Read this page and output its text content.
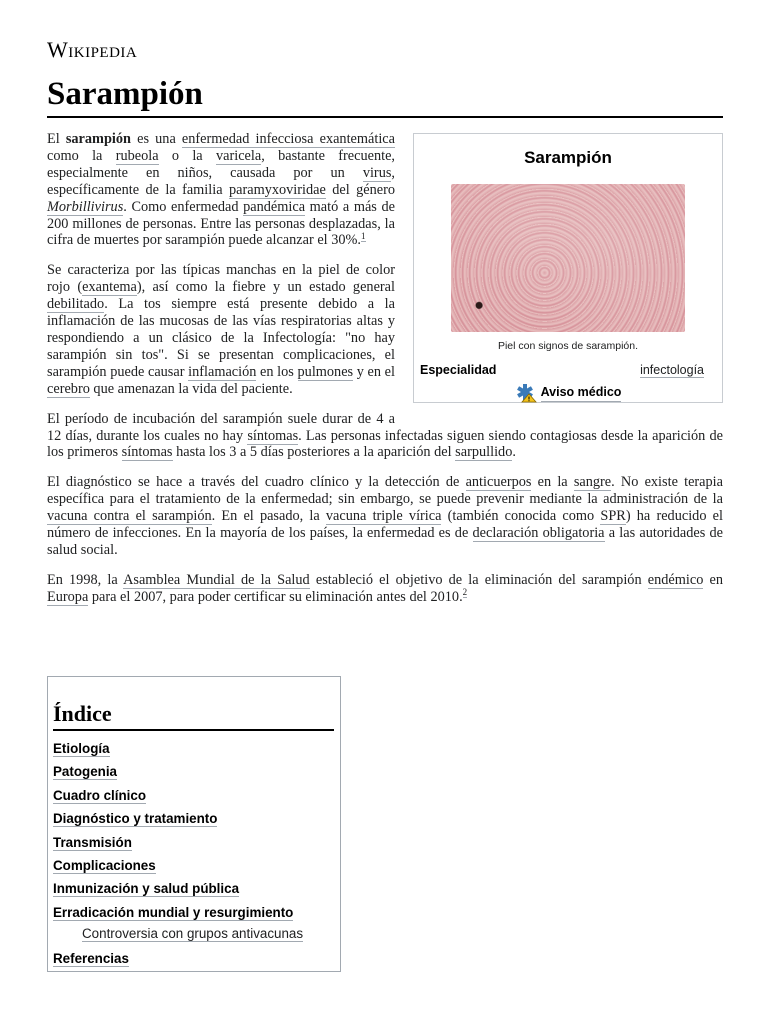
Wikipedia
Sarampión
Sarampión
Piel con signos de sarampión.
Especialidad	infectología
Aviso médico

El sarampión es una enfermedad infecciosa exantemática como la rubeola o la varicela, bastante frecuente, especialmente en niños, causada por un virus, específicamente de la familia paramyxoviridae del género Morbillivirus. Como enfermedad pandémica mató a más de 200 millones de personas. Entre las personas desplazadas, la cifra de muertes por sarampión puede alcanzar el 30%.$^1$

Se caracteriza por las típicas manchas en la piel de color rojo (exantema), así como la fiebre y un estado general debilitado. La tos siempre está presente debido a la inflamación de las mucosas de las vías respiratorias altas y respondiendo a un clásico de la Infectología: "no hay sarampión sin tos". Si se presentan complicaciones, el sarampión puede causar inflamación en los pulmones y en el cerebro que amenazan la vida del paciente.

El período de incubación del sarampión suele durar de 4 a 12 días, durante los cuales no hay síntomas. Las personas infectadas siguen siendo contagiosas desde la aparición de los primeros síntomas hasta los 3 a 5 días posteriores a la aparición del sarpullido.

El diagnóstico se hace a través del cuadro clínico y la detección de anticuerpos en la sangre. No existe terapia específica para el tratamiento de la enfermedad; sin embargo, se puede prevenir mediante la administración de la vacuna contra el sarampión. En el pasado, la vacuna triple vírica (también conocida como SPR) ha reducido el número de infecciones. En la mayoría de los países, la enfermedad es de declaración obligatoria a las autoridades de salud social.

En 1998, la Asamblea Mundial de la Salud estableció el objetivo de la eliminación del sarampión endémico en Europa para el 2007, para poder certificar su eliminación antes del 2010.$^2$

Índice
Etiología
Patogenia
Cuadro clínico
Diagnóstico y tratamiento
Transmisión
Complicaciones
Inmunización y salud pública
Erradicación mundial y resurgimiento
Controversia con grupos antivacunas
Referencias
